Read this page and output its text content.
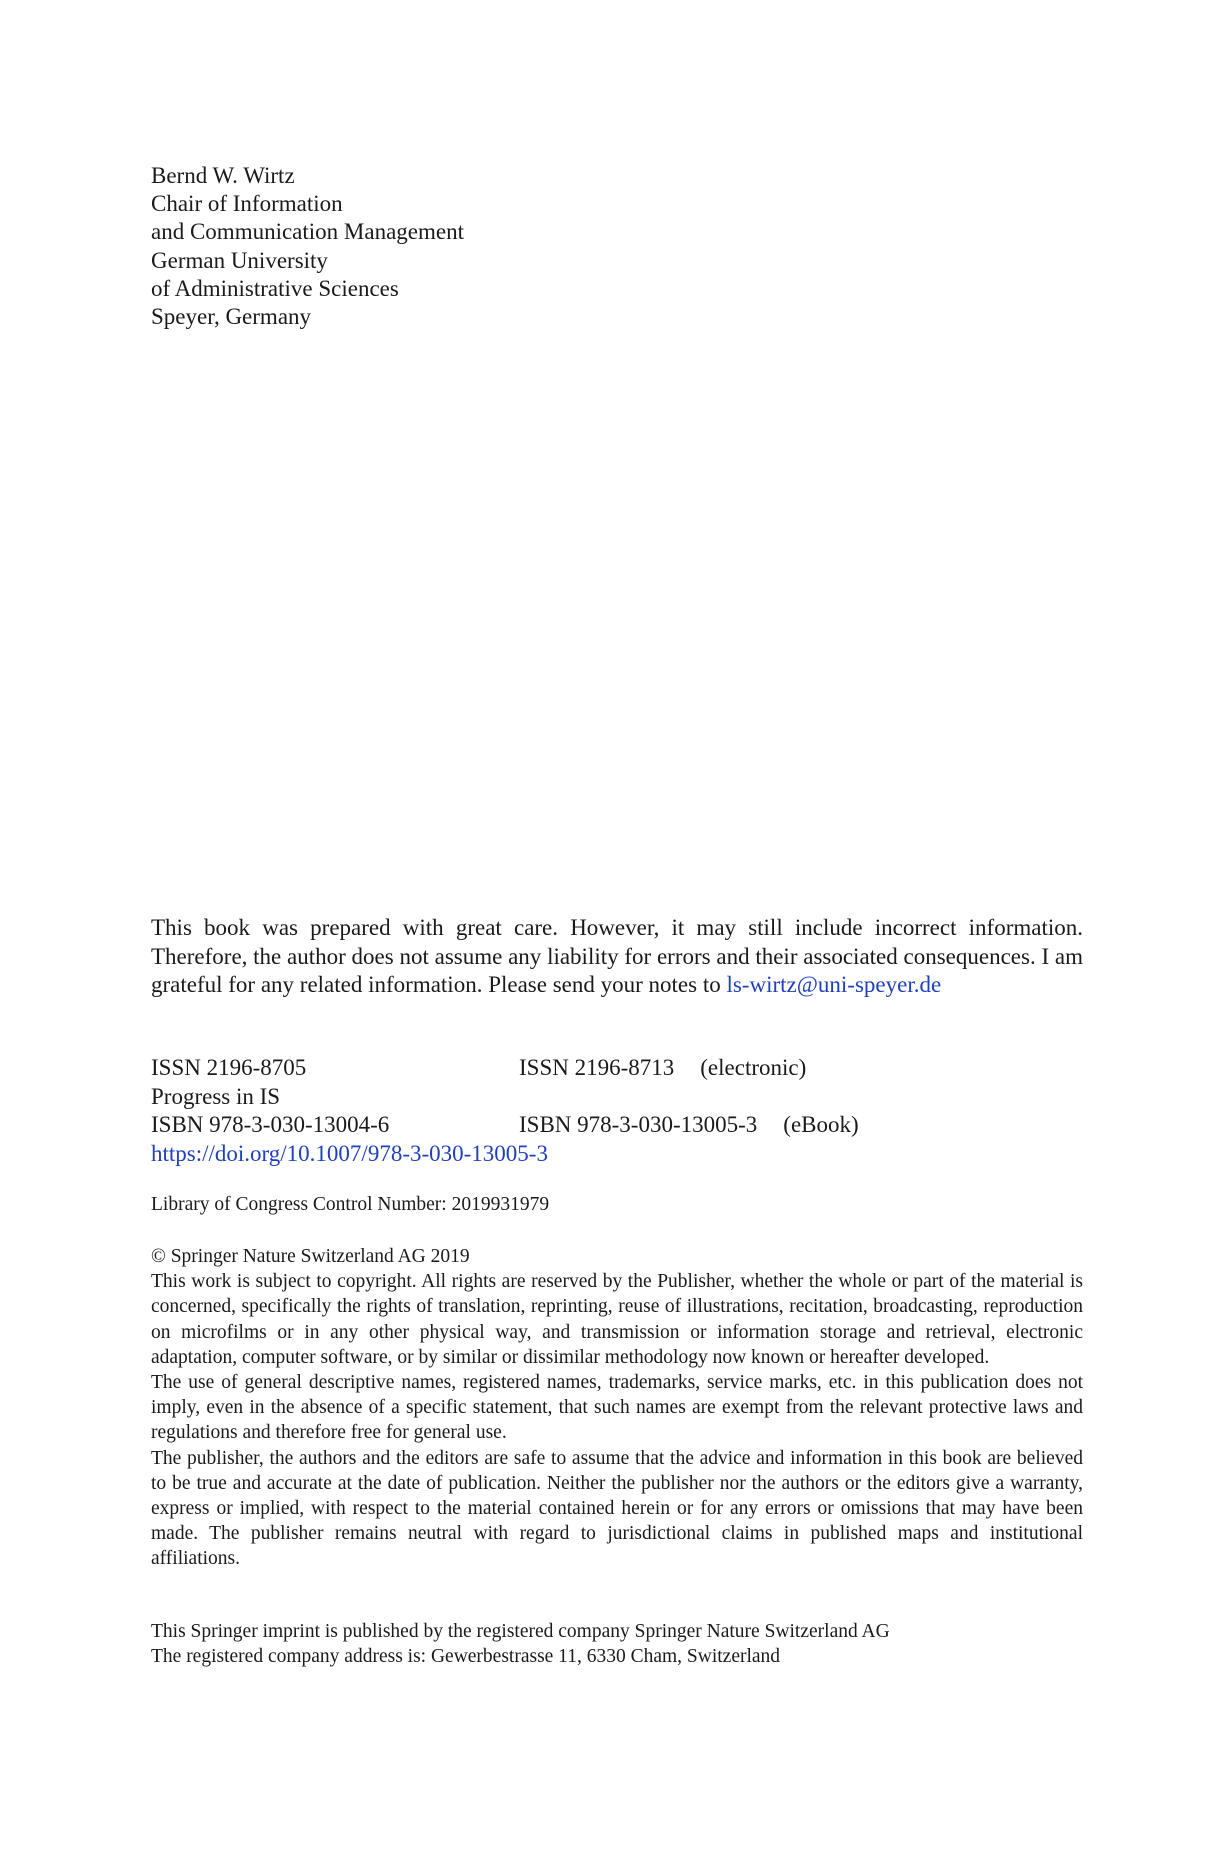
Bernd W. Wirtz
Chair of Information
and Communication Management
German University
of Administrative Sciences
Speyer, Germany
This book was prepared with great care. However, it may still include incorrect information. Therefore, the author does not assume any liability for errors and their associated consequences. I am grateful for any related information. Please send your notes to ls-wirtz@uni-speyer.de
ISSN 2196-8705	ISSN 2196-8713 (electronic)
Progress in IS
ISBN 978-3-030-13004-6	ISBN 978-3-030-13005-3 (eBook)
https://doi.org/10.1007/978-3-030-13005-3
Library of Congress Control Number: 2019931979

© Springer Nature Switzerland AG 2019

This work is subject to copyright. All rights are reserved by the Publisher, whether the whole or part of the material is concerned, specifically the rights of translation, reprinting, reuse of illustrations, recitation, broadcasting, reproduction on microfilms or in any other physical way, and transmission or information storage and retrieval, electronic adaptation, computer software, or by similar or dissimilar methodology now known or hereafter developed.

The use of general descriptive names, registered names, trademarks, service marks, etc. in this publication does not imply, even in the absence of a specific statement, that such names are exempt from the relevant protective laws and regulations and therefore free for general use.

The publisher, the authors and the editors are safe to assume that the advice and information in this book are believed to be true and accurate at the date of publication. Neither the publisher nor the authors or the editors give a warranty, express or implied, with respect to the material contained herein or for any errors or omissions that may have been made. The publisher remains neutral with regard to jurisdictional claims in published maps and institutional affiliations.

This Springer imprint is published by the registered company Springer Nature Switzerland AG
The registered company address is: Gewerbestrasse 11, 6330 Cham, Switzerland
